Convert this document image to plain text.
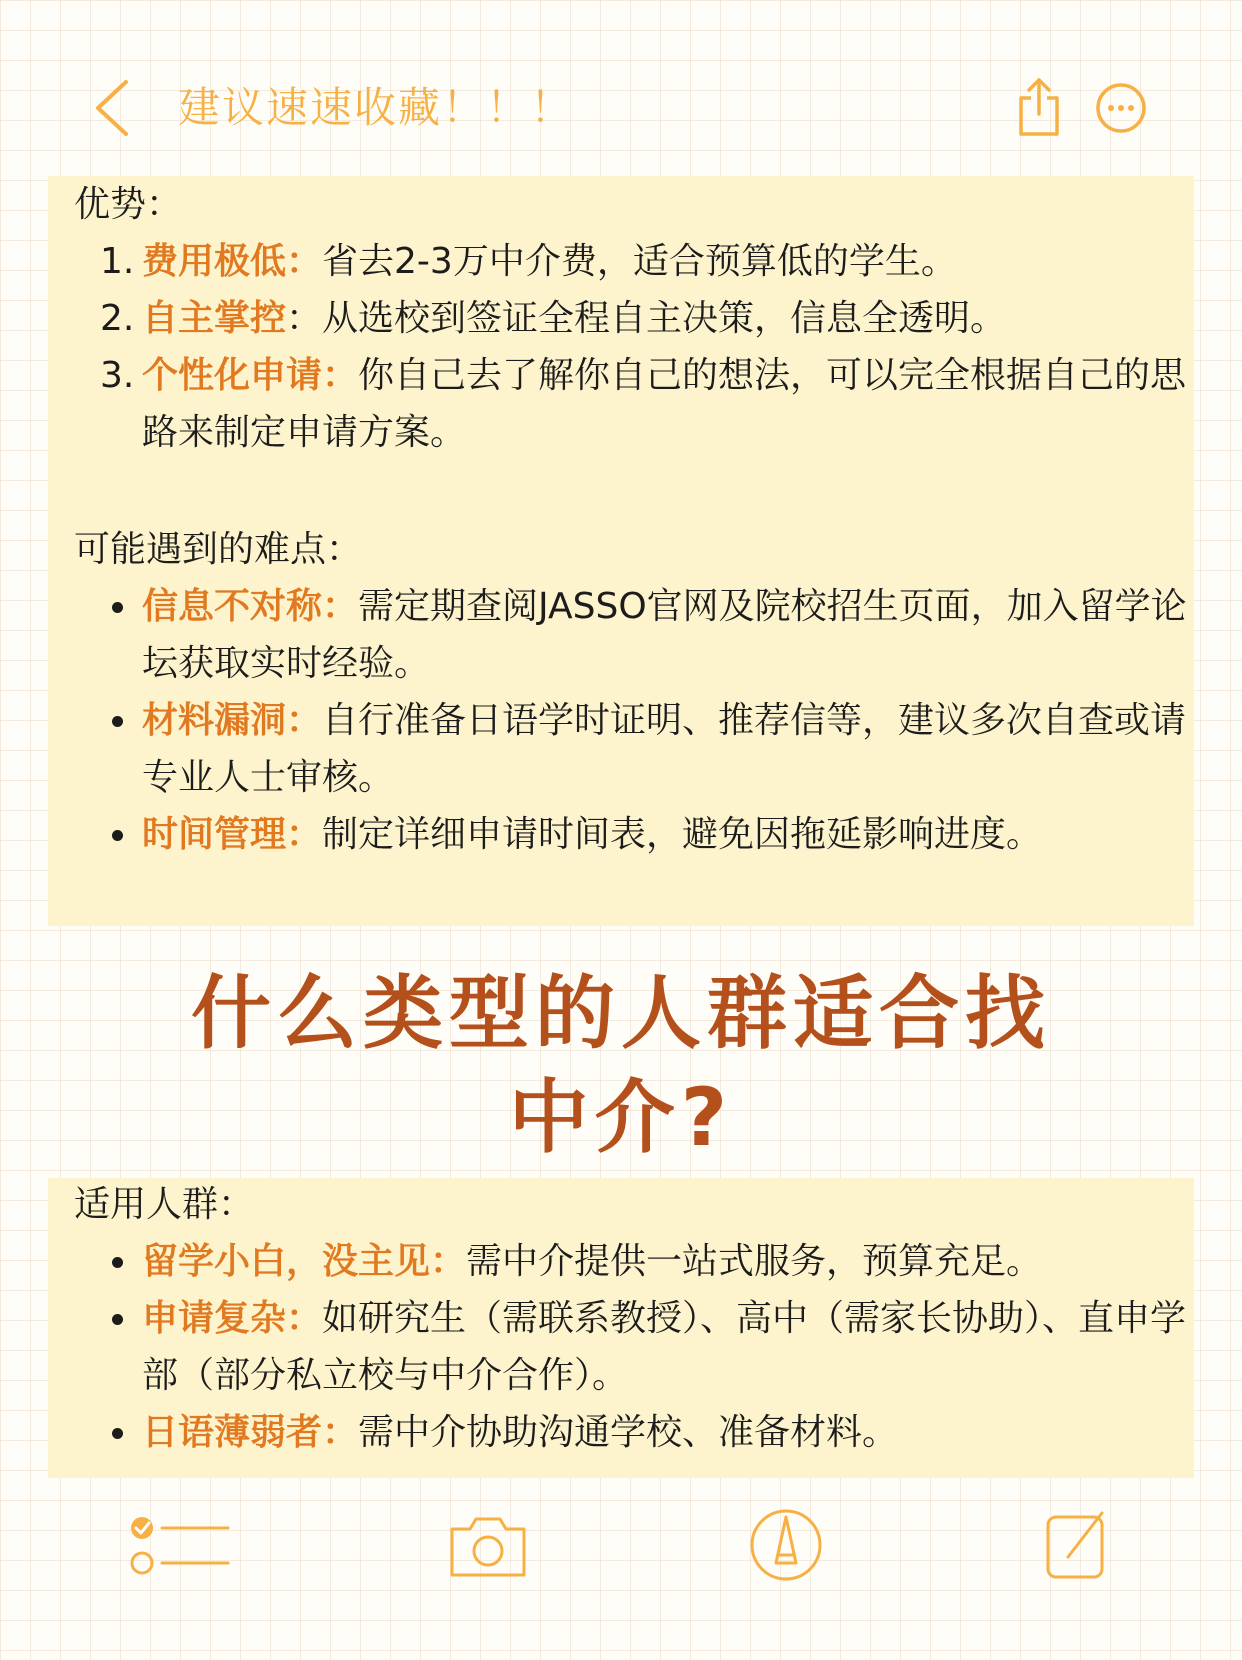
建议速速收藏！！！
优势：
1. 费用极低：省去2-3万中介费，适合预算低的学生。
2. 自主掌控：从选校到签证全程自主决策，信息全透明。
3. 个性化申请：你自己去了解你自己的想法，可以完全根据自己的思路来制定申请方案。
可能遇到的难点：
信息不对称：需定期查阅JASSO官网及院校招生页面，加入留学论坛获取实时经验。
材料漏洞：自行准备日语学时证明、推荐信等，建议多次自查或请专业人士审核。
时间管理：制定详细申请时间表，避免因拖延影响进度。
什么类型的人群适合找
中介?
适用人群：
留学小白，没主见：需中介提供一站式服务，预算充足。
申请复杂：如研究生（需联系教授）、高中（需家长协助）、直申学部（部分私立校与中介合作）。
日语薄弱者：需中介协助沟通学校、准备材料。
